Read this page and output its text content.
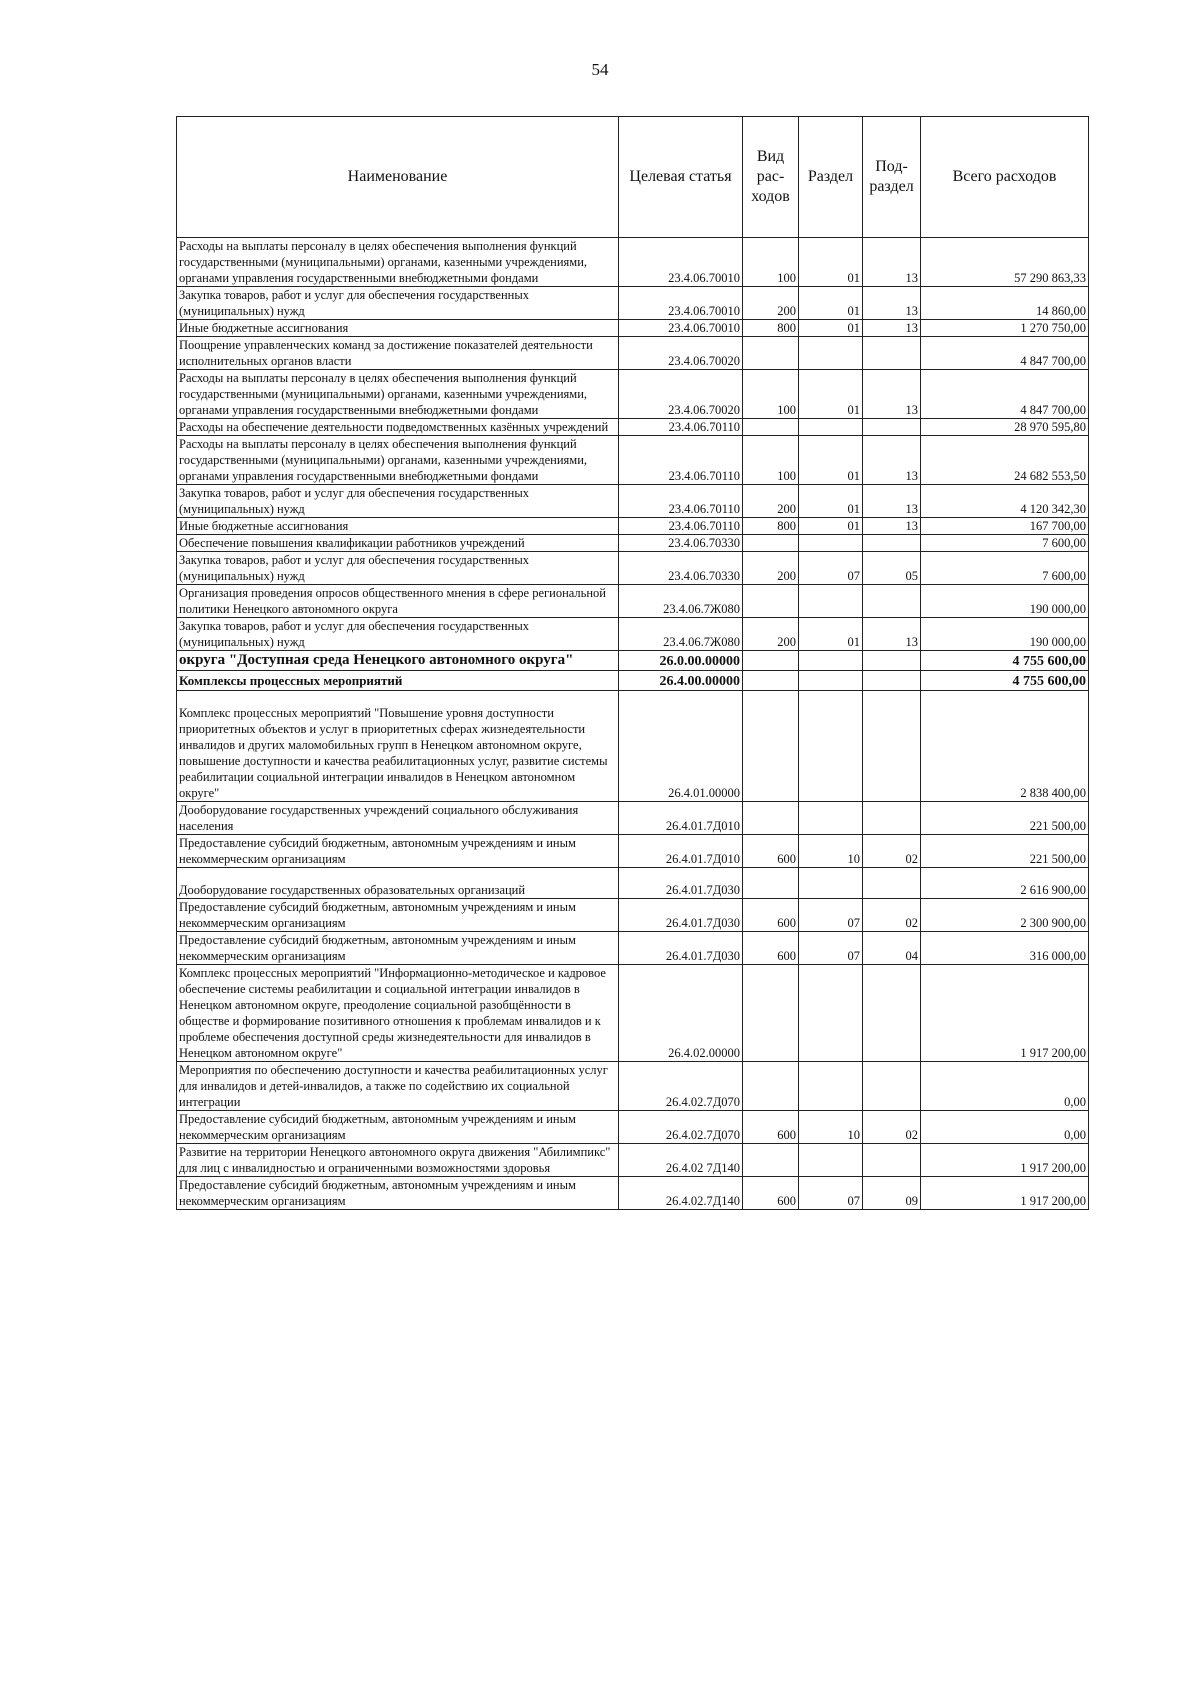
54
Наименование	Целевая статья	Вид рас-ходов	Раздел	Под-раздел	Всего расходов
Расходы на выплаты персоналу в целях обеспечения выполнения функций государственными (муниципальными) органами, казенными учреждениями, органами управления государственными внебюджетными фондами	23.4.06.70010	100	01	13	57 290 863,33
Закупка товаров, работ и услуг для обеспечения государственных (муниципальных) нужд	23.4.06.70010	200	01	13	14 860,00
Иные бюджетные ассигнования	23.4.06.70010	800	01	13	1 270 750,00
Поощрение управленческих команд за достижение показателей деятельности исполнительных органов власти	23.4.06.70020				4 847 700,00
Расходы на выплаты персоналу в целях обеспечения выполнения функций государственными (муниципальными) органами, казенными учреждениями, органами управления государственными внебюджетными фондами	23.4.06.70020	100	01	13	4 847 700,00
Расходы на обеспечение деятельности подведомственных казённых учреждений	23.4.06.70110				28 970 595,80
Расходы на выплаты персоналу в целях обеспечения выполнения функций государственными (муниципальными) органами, казенными учреждениями, органами управления государственными внебюджетными фондами	23.4.06.70110	100	01	13	24 682 553,50
Закупка товаров, работ и услуг для обеспечения государственных (муниципальных) нужд	23.4.06.70110	200	01	13	4 120 342,30
Иные бюджетные ассигнования	23.4.06.70110	800	01	13	167 700,00
Обеспечение повышения квалификации работников учреждений	23.4.06.70330				7 600,00
Закупка товаров, работ и услуг для обеспечения государственных (муниципальных) нужд	23.4.06.70330	200	07	05	7 600,00
Организация проведения опросов общественного мнения в сфере региональной политики Ненецкого автономного округа	23.4.06.7Ж080				190 000,00
Закупка товаров, работ и услуг для обеспечения государственных (муниципальных) нужд	23.4.06.7Ж080	200	01	13	190 000,00
округа "Доступная среда Ненецкого автономного округа"	26.0.00.00000				4 755 600,00
Комплексы процессных мероприятий	26.4.00.00000				4 755 600,00
Комплекс процессных мероприятий "Повышение уровня доступности приоритетных объектов и услуг в приоритетных сферах жизнедеятельности инвалидов и других маломобильных групп в Ненецком автономном округе, повышение доступности и качества реабилитационных услуг, развитие системы реабилитации социальной интеграции инвалидов в Ненецком автономном округе"	26.4.01.00000				2 838 400,00
Дооборудование государственных учреждений социального обслуживания населения	26.4.01.7Д010				221 500,00
Предоставление субсидий бюджетным, автономным учреждениям и иным некоммерческим организациям	26.4.01.7Д010	600	10	02	221 500,00
Дооборудование государственных образовательных организаций	26.4.01.7Д030				2 616 900,00
Предоставление субсидий бюджетным, автономным учреждениям и иным некоммерческим организациям	26.4.01.7Д030	600	07	02	2 300 900,00
Предоставление субсидий бюджетным, автономным учреждениям и иным некоммерческим организациям	26.4.01.7Д030	600	07	04	316 000,00
Комплекс процессных мероприятий "Информационно-методическое и кадровое обеспечение системы реабилитации и социальной интеграции инвалидов в Ненецком автономном округе, преодоление социальной разобщённости в обществе и формирование позитивного отношения к проблемам инвалидов и к проблеме обеспечения доступной среды жизнедеятельности для инвалидов в Ненецком автономном округе"	26.4.02.00000				1 917 200,00
Мероприятия по обеспечению доступности и качества реабилитационных услуг для инвалидов и детей-инвалидов, а также по содействию их социальной интеграции	26.4.02.7Д070				0,00
Предоставление субсидий бюджетным, автономным учреждениям и иным некоммерческим организациям	26.4.02.7Д070	600	10	02	0,00
Развитие на территории Ненецкого автономного округа движения "Абилимпикс" для лиц с инвалидностью и ограниченными возможностями здоровья	26.4.02 7Д140				1 917 200,00
Предоставление субсидий бюджетным, автономным учреждениям и иным некоммерческим организациям	26.4.02.7Д140	600	07	09	1 917 200,00
